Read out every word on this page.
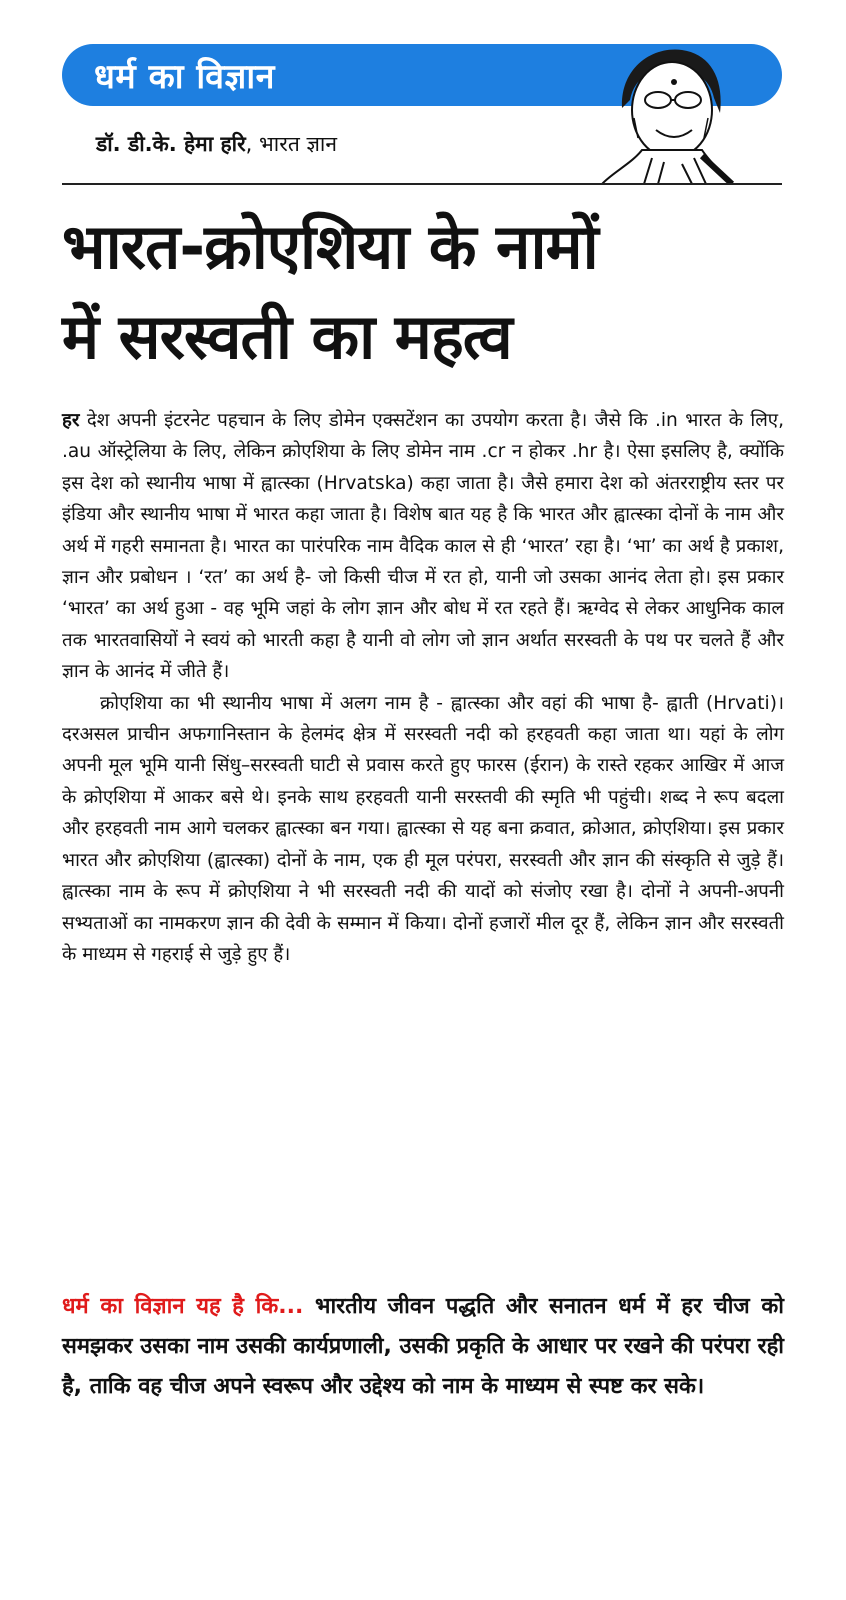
धर्म का विज्ञान
डॉ. डी.के. हेमा हरि, भारत ज्ञान
भारत-क्रोएशिया के नामों
में सरस्वती का महत्व

हर देश अपनी इंटरनेट पहचान के लिए डोमेन एक्सटेंशन का उपयोग करता है। जैसे कि .in भारत के लिए, .au ऑस्ट्रेलिया के लिए, लेकिन क्रोएशिया के लिए डोमेन नाम .cr न होकर .hr है। ऐसा इसलिए है, क्योंकि इस देश को स्थानीय भाषा में ह्वात्स्का (Hrvatska) कहा जाता है। जैसे हमारा देश को अंतरराष्ट्रीय स्तर पर इंडिया और स्थानीय भाषा में भारत कहा जाता है। विशेष बात यह है कि भारत और ह्वात्स्का दोनों के नाम और अर्थ में गहरी समानता है। भारत का पारंपरिक नाम वैदिक काल से ही ‘भारत’ रहा है। ‘भा’ का अर्थ है प्रकाश, ज्ञान और प्रबोधन । ‘रत’ का अर्थ है- जो किसी चीज में रत हो, यानी जो उसका आनंद लेता हो। इस प्रकार ‘भारत’ का अर्थ हुआ - वह भूमि जहां के लोग ज्ञान और बोध में रत रहते हैं। ऋग्वेद से लेकर आधुनिक काल तक भारतवासियों ने स्वयं को भारती कहा है यानी वो लोग जो ज्ञान अर्थात सरस्वती के पथ पर चलते हैं और ज्ञान के आनंद में जीते हैं।

क्रोएशिया का भी स्थानीय भाषा में अलग नाम है - ह्वात्स्का और वहां की भाषा है- ह्वाती (Hrvati)। दरअसल प्राचीन अफगानिस्तान के हेलमंद क्षेत्र में सरस्वती नदी को हरहवती कहा जाता था। यहां के लोग अपनी मूल भूमि यानी सिंधु–सरस्वती घाटी से प्रवास करते हुए फारस (ईरान) के रास्ते रहकर आखिर में आज के क्रोएशिया में आकर बसे थे। इनके साथ हरहवती यानी सरस्तवी की स्मृति भी पहुंची। शब्द ने रूप बदला और हरहवती नाम आगे चलकर ह्वात्स्का बन गया। ह्वात्स्का से यह बना क्रवात, क्रोआत, क्रोएशिया। इस प्रकार भारत और क्रोएशिया (ह्वात्स्का) दोनों के नाम, एक ही मूल परंपरा, सरस्वती और ज्ञान की संस्कृति से जुड़े हैं। ह्वात्स्का नाम के रूप में क्रोएशिया ने भी सरस्वती नदी की यादों को संजोए रखा है। दोनों ने अपनी-अपनी सभ्यताओं का नामकरण ज्ञान की देवी के सम्मान में किया। दोनों हजारों मील दूर हैं, लेकिन ज्ञान और सरस्वती के माध्यम से गहराई से जुड़े हुए हैं।

धर्म का विज्ञान यह है कि... भारतीय जीवन पद्धति और सनातन धर्म में हर चीज को समझकर उसका नाम उसकी कार्यप्रणाली, उसकी प्रकृति के आधार पर रखने की परंपरा रही है, ताकि वह चीज अपने स्वरूप और उद्देश्य को नाम के माध्यम से स्पष्ट कर सके।
